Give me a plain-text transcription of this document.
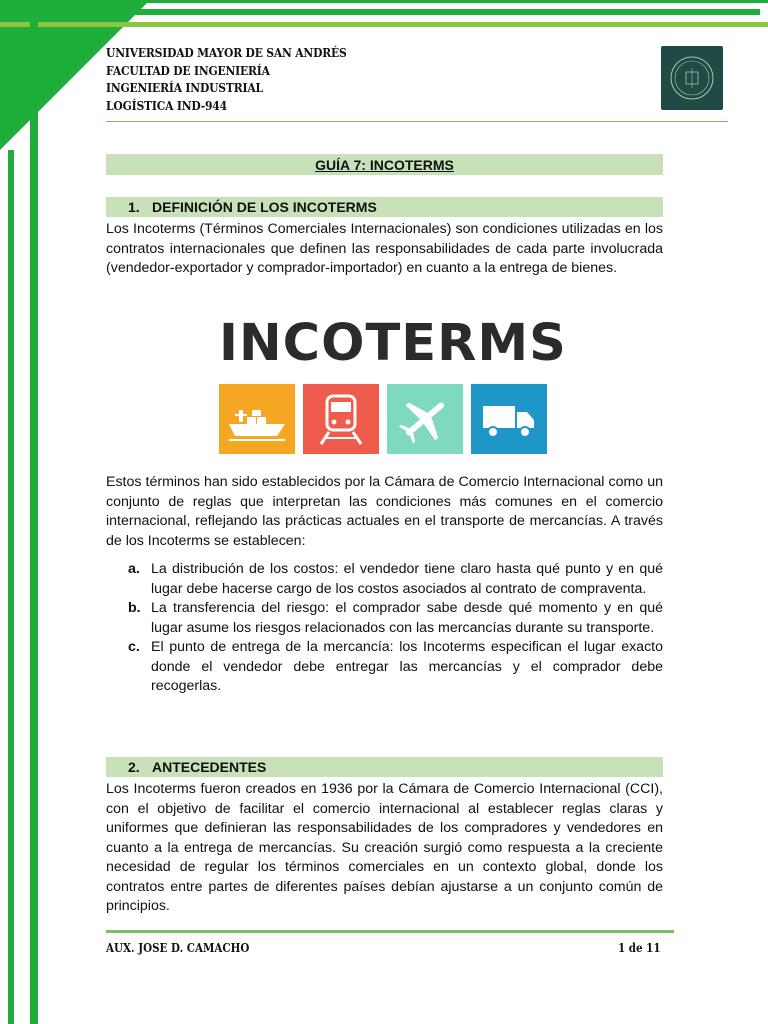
UNIVERSIDAD MAYOR DE SAN ANDRÉS
FACULTAD DE INGENIERÍA
INGENIERÍA INDUSTRIAL
LOGÍSTICA IND-944
GUÍA 7: INCOTERMS
1. DEFINICIÓN DE LOS INCOTERMS
Los Incoterms (Términos Comerciales Internacionales) son condiciones utilizadas en los contratos internacionales que definen las responsabilidades de cada parte involucrada (vendedor-exportador y comprador-importador) en cuanto a la entrega de bienes.
INCOTERMS
Estos términos han sido establecidos por la Cámara de Comercio Internacional como un conjunto de reglas que interpretan las condiciones más comunes en el comercio internacional, reflejando las prácticas actuales en el transporte de mercancías. A través de los Incoterms se establecen:
a. La distribución de los costos: el vendedor tiene claro hasta qué punto y en qué lugar debe hacerse cargo de los costos asociados al contrato de compraventa.
b. La transferencia del riesgo: el comprador sabe desde qué momento y en qué lugar asume los riesgos relacionados con las mercancías durante su transporte.
c. El punto de entrega de la mercancía: los Incoterms especifican el lugar exacto donde el vendedor debe entregar las mercancías y el comprador debe recogerlas.
2. ANTECEDENTES
Los Incoterms fueron creados en 1936 por la Cámara de Comercio Internacional (CCI), con el objetivo de facilitar el comercio internacional al establecer reglas claras y uniformes que definieran las responsabilidades de los compradores y vendedores en cuanto a la entrega de mercancías. Su creación surgió como respuesta a la creciente necesidad de regular los términos comerciales en un contexto global, donde los contratos entre partes de diferentes países debían ajustarse a un conjunto común de principios.
AUX. JOSE D. CAMACHO	1 de 11
